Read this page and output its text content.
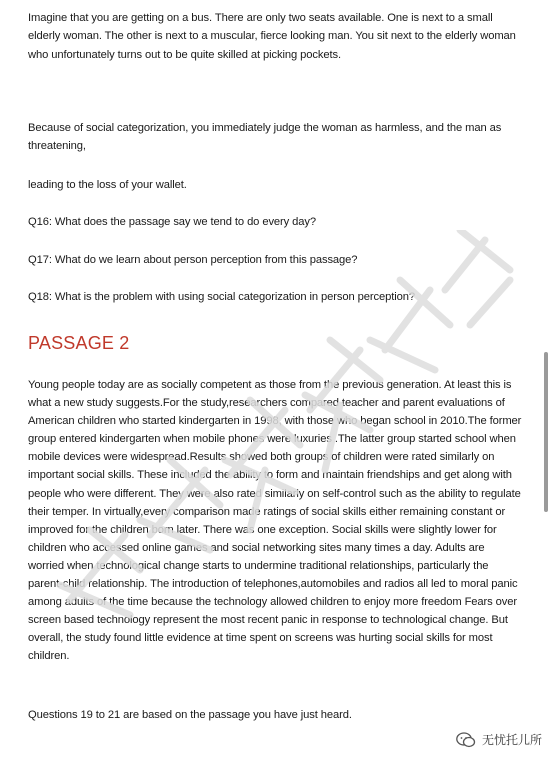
Imagine that you are getting on a bus. There are only two seats available. One is next to a small elderly woman. The other is next to a muscular, fierce looking man. You sit next to the elderly woman who unfortunately turns out to be quite skilled at picking pockets.

Because of social categorization, you immediately judge the woman as harmless, and the man as threatening,

leading to the loss of your wallet.

Q16: What does the passage say we tend to do every day?

Q17: What do we learn about person perception from this passage?

Q18: What is the problem with using social categorization in person perception?

PASSAGE 2

Young people today are as socially competent as those from the previous generation. At least this is what a new study suggests.For the study,researchers compared teacher and parent evaluations of American children who started kindergarten in 1998, with those who began school in 2010.The former group entered kindergarten when mobile phones were luxuries .The latter group started school when mobile devices were widespread.Results showed both groups of children were rated similarly on important social skills. These included the ability to form and maintain friendships and get along with people who were different. They were also rated similarly on self-control such as the ability to regulate their temper. In virtually,every comparison made ratings of social skills either remaining constant or improved for the children born later. There was one exception. Social skills were slightly lower for children who accessed online games and social networking sites many times a day. Adults are worried when technological change starts to undermine traditional relationships, particularly the parent-child relationship. The introduction of telephones,automobiles and radios all led to moral panic among adults of the time because the technology allowed children to enjoy more freedom Fears over screen based technology represent the most recent panic in response to technological change. But overall, the study found little evidence at time spent on screens was hurting social skills for most children.

Questions 19 to 21 are based on the passage you have just heard.

无忧托儿所
